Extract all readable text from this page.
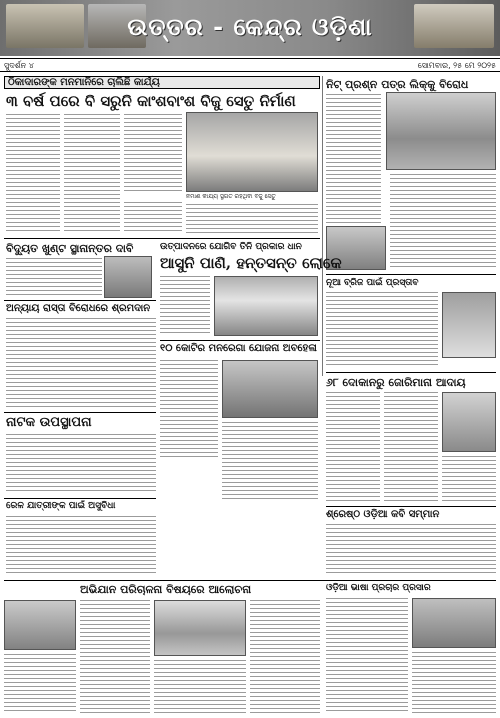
ଉତ୍ତର - କେନ୍ଦ୍ର ଓଡ଼ିଶା
ସୁଦର୍ଶନ ୪	ସୋମବାର, ୨୫ ମେ ୨୦୨୫
ଠିକାଦାରଙ୍କ ମନମାନିରେ ଚାଲିଛି କାର୍ଯ୍ୟ
୩ ବର୍ଷ ପରେ ବି ସରୁନି କାଂଶବାଂଶ ବିଜୁ ସେତୁ ନିର୍ମାଣ
ନିର୍ମାଣ କାର୍ଯ୍ୟ ସ୍ଥଗିତ ରହିଥିବା ବିଜୁ ସେତୁ
ନିଟ୍ ପ୍ରଶ୍ନ ପତ୍ର ଲିକ୍‌କୁ ବିରୋଧ
ବିଦ୍ୟୁତ ଖୁଣ୍ଟ ସ୍ଥାନାନ୍ତର ଦାବି	ଉତ୍ପାଦନରେ ଯୋଗିବ ତିନି ପ୍ରକାର ଧାନ
ଆସୁନି ପାଣି, ହନ୍ତସନ୍ତ ଲୋକେ
ନୂଆ ବ୍ରିଜ ପାଇଁ ପ୍ରସ୍ତାବ
ଅନ୍ୟାୟ ରାସ୍ତା ବିରୋଧରେ ଶ୍ରମଦାନ
୧୦ କୋଟିର ମନରେଗା ଯୋଜନା ଅବହେଳା
୬୮ ଦୋକାନରୁ ଜୋରିମାନା ଆଦାୟ
ନାଟକ ଉପସ୍ଥାପନା
ଶ୍ରେଷ୍ଠ ଓଡ଼ିଆ କବି ସମ୍ମାନ
ରେଳ ଯାତ୍ରୀଙ୍କ ପାଇଁ ଅସୁବିଧା
ଅଭିଯାନ ପରିଚାଳନା ବିଷୟରେ ଆଲୋଚନା	ଓଡ଼ିଆ ଭାଷା ପ୍ରଚାର ପ୍ରସାର
